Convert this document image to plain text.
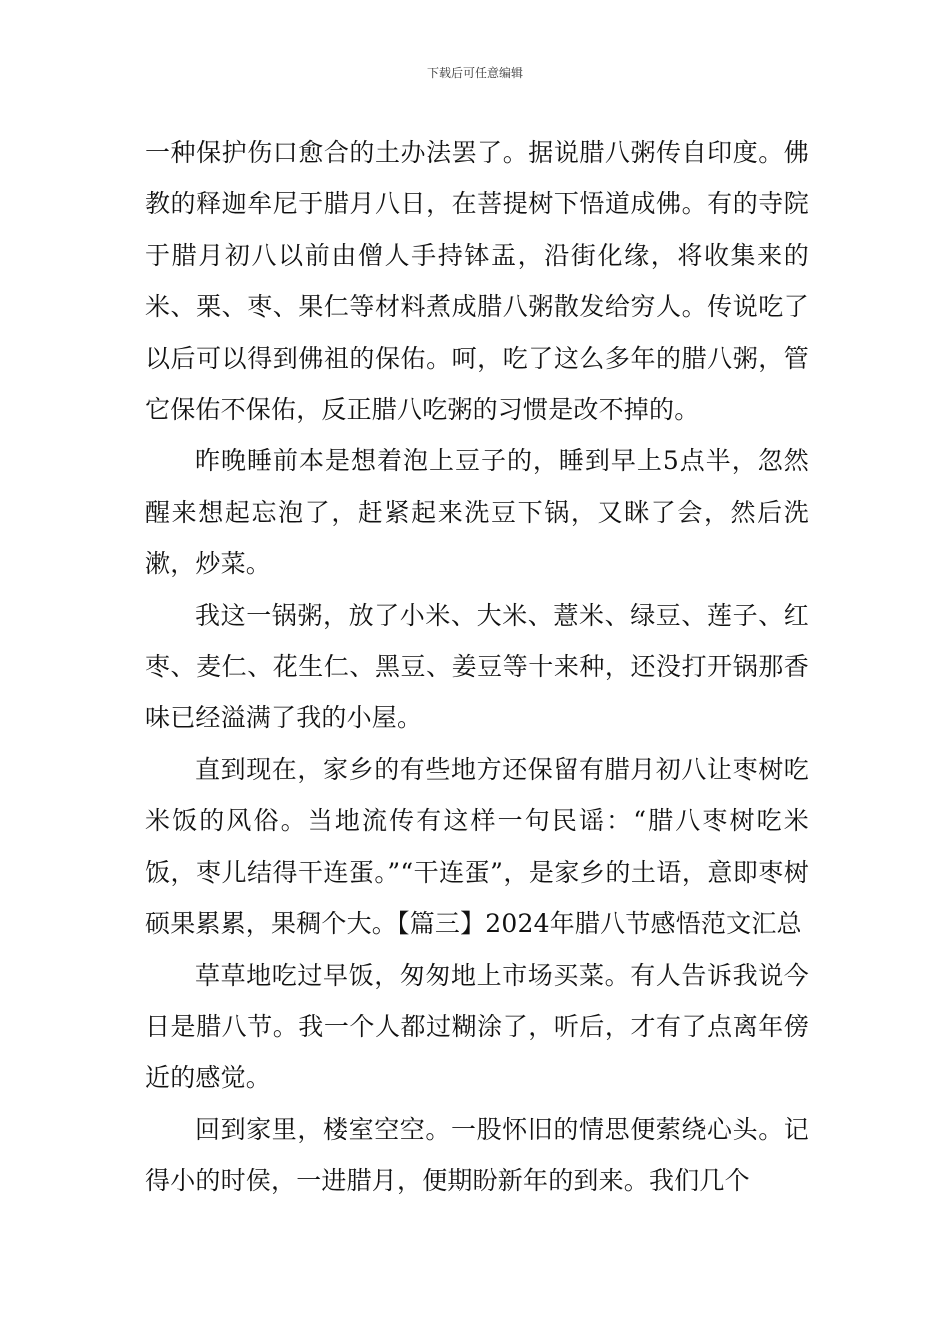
下载后可任意编辑

一种保护伤口愈合的土办法罢了。据说腊八粥传自印度。佛教的释迦牟尼于腊月八日，在菩提树下悟道成佛。有的寺院于腊月初八以前由僧人手持钵盂，沿街化缘，将收集来的米、栗、枣、果仁等材料煮成腊八粥散发给穷人。传说吃了以后可以得到佛祖的保佑。呵，吃了这么多年的腊八粥，管它保佑不保佑，反正腊八吃粥的习惯是改不掉的。

昨晚睡前本是想着泡上豆子的，睡到早上5点半，忽然醒来想起忘泡了，赶紧起来洗豆下锅，又眯了会，然后洗漱，炒菜。

我这一锅粥，放了小米、大米、薏米、绿豆、莲子、红枣、麦仁、花生仁、黑豆、姜豆等十来种，还没打开锅那香味已经溢满了我的小屋。

直到现在，家乡的有些地方还保留有腊月初八让枣树吃米饭的风俗。当地流传有这样一句民谣：“腊八枣树吃米饭，枣儿结得干连蛋。”“干连蛋”，是家乡的土语，意即枣树硕果累累，果稠个大。【篇三】2024年腊八节感悟范文汇总

草草地吃过早饭，匆匆地上市场买菜。有人告诉我说今日是腊八节。我一个人都过糊涂了，听后，才有了点离年傍近的感觉。

回到家里，楼室空空。一股怀旧的情思便萦绕心头。记得小的时侯，一进腊月，便期盼新年的到来。我们几个
